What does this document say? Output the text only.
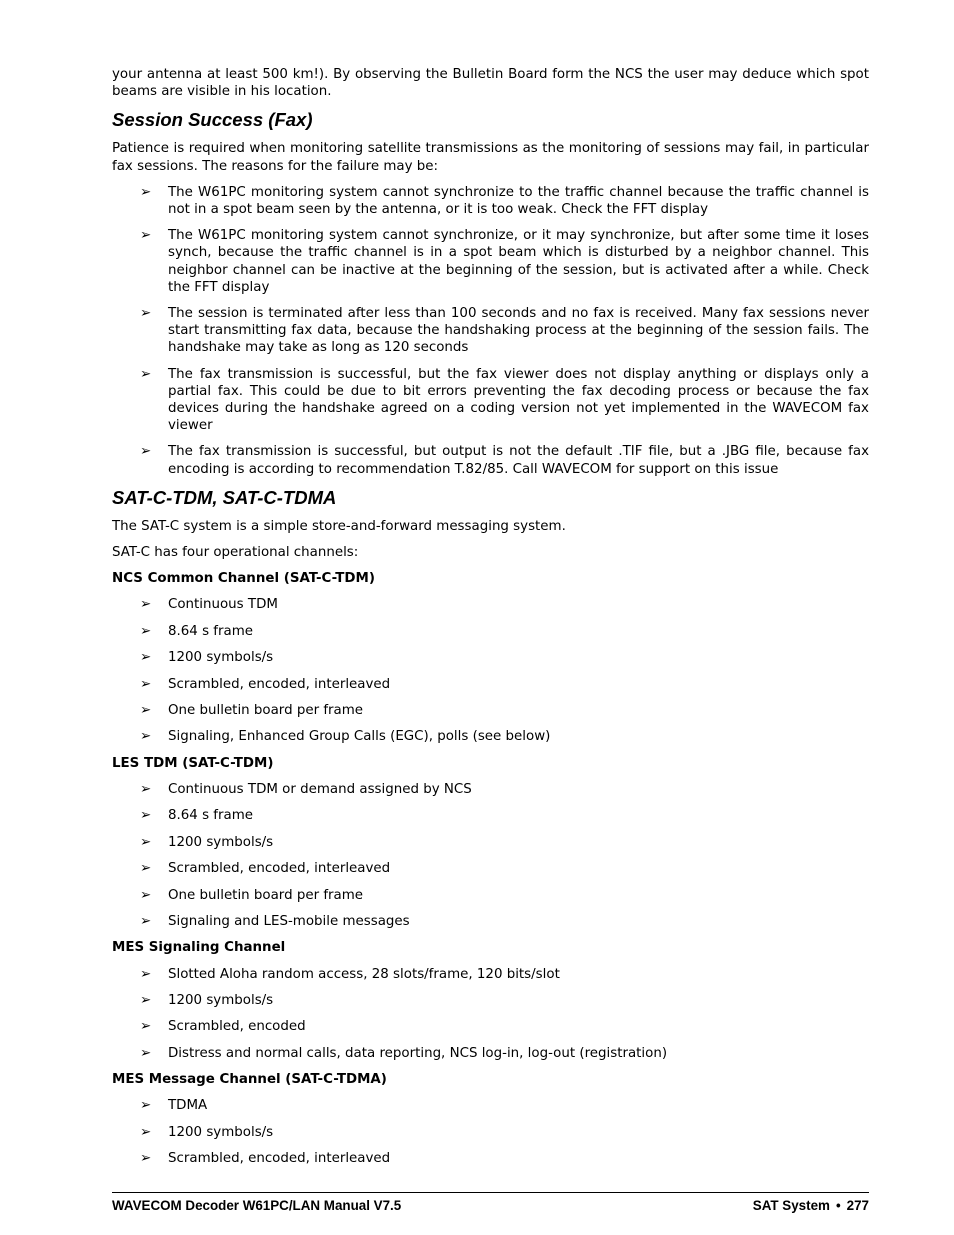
your antenna at least 500 km!). By observing the Bulletin Board form the NCS the user may deduce which spot beams are visible in his location.

Session Success (Fax)

Patience is required when monitoring satellite transmissions as the monitoring of sessions may fail, in particular fax sessions. The reasons for the failure may be:

➢ The W61PC monitoring system cannot synchronize to the traffic channel because the traffic channel is not in a spot beam seen by the antenna, or it is too weak. Check the FFT display
➢ The W61PC monitoring system cannot synchronize, or it may synchronize, but after some time it loses synch, because the traffic channel is in a spot beam which is disturbed by a neighbor channel. This neighbor channel can be inactive at the beginning of the session, but is activated after a while. Check the FFT display
➢ The session is terminated after less than 100 seconds and no fax is received. Many fax sessions never start transmitting fax data, because the handshaking process at the beginning of the session fails. The handshake may take as long as 120 seconds
➢ The fax transmission is successful, but the fax viewer does not display anything or displays only a partial fax. This could be due to bit errors preventing the fax decoding process or because the fax devices during the handshake agreed on a coding version not yet implemented in the WAVECOM fax viewer
➢ The fax transmission is successful, but output is not the default .TIF file, but a .JBG file, because fax encoding is according to recommendation T.82/85. Call WAVECOM for support on this issue
SAT-C-TDM, SAT-C-TDMA

The SAT-C system is a simple store-and-forward messaging system.

SAT-C has four operational channels:

NCS Common Channel (SAT-C-TDM)
➢ Continuous TDM
➢ 8.64 s frame
➢ 1200 symbols/s
➢ Scrambled, encoded, interleaved
➢ One bulletin board per frame
➢ Signaling, Enhanced Group Calls (EGC), polls (see below)
LES TDM (SAT-C-TDM)
➢ Continuous TDM or demand assigned by NCS
➢ 8.64 s frame
➢ 1200 symbols/s
➢ Scrambled, encoded, interleaved
➢ One bulletin board per frame
➢ Signaling and LES-mobile messages
MES Signaling Channel
➢ Slotted Aloha random access, 28 slots/frame, 120 bits/slot
➢ 1200 symbols/s
➢ Scrambled, encoded
➢ Distress and normal calls, data reporting, NCS log-in, log-out (registration)
MES Message Channel (SAT-C-TDMA)
➢ TDMA
➢ 1200 symbols/s
➢ Scrambled, encoded, interleaved
WAVECOM Decoder W61PC/LAN Manual V7.5	SAT System • 277
